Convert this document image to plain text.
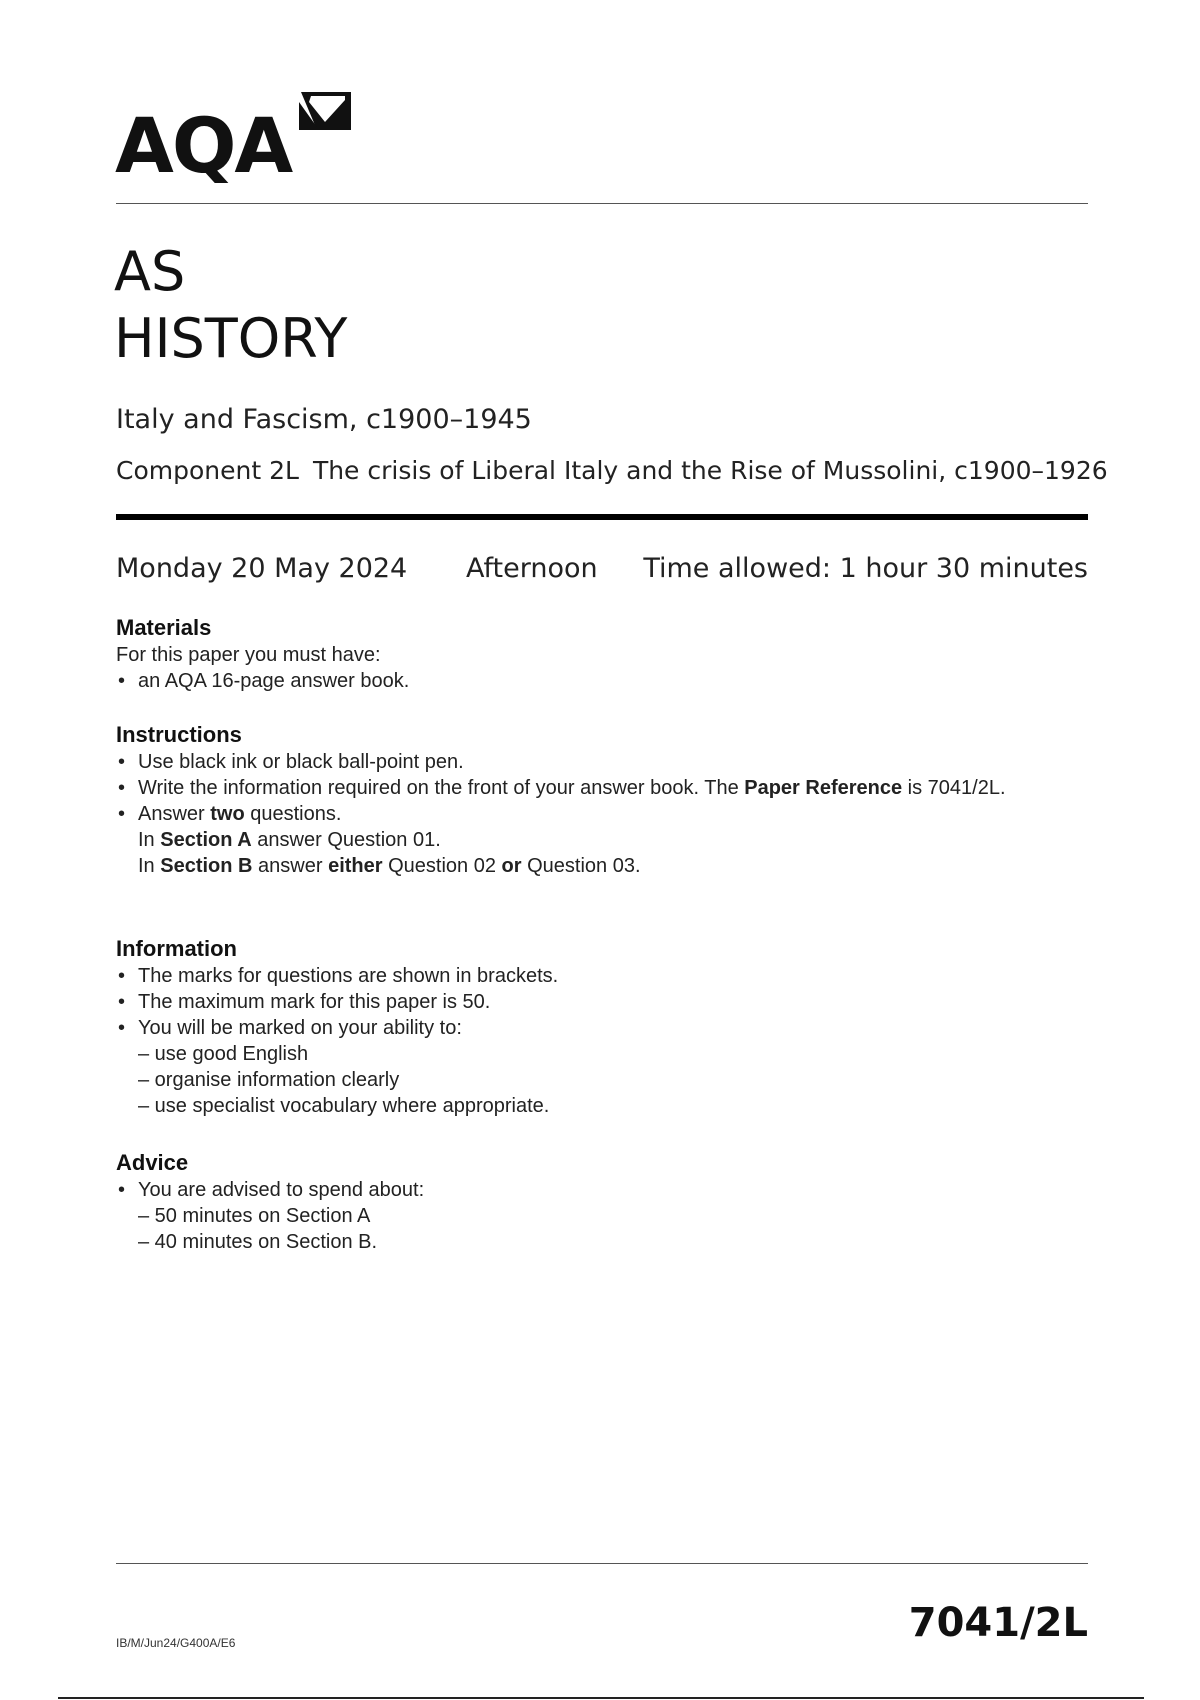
AQA
AS
HISTORY
Italy and Fascism, c1900–1945
Component 2L The crisis of Liberal Italy and the Rise of Mussolini, c1900–1926
Monday 20 May 2024 Afternoon Time allowed: 1 hour 30 minutes
Materials
For this paper you must have:
• an AQA 16-page answer book.
Instructions
• Use black ink or black ball-point pen.
• Write the information required on the front of your answer book. The Paper Reference is 7041/2L.
• Answer two questions.
In Section A answer Question 01.
In Section B answer either Question 02 or Question 03.
Information
• The marks for questions are shown in brackets.
• The maximum mark for this paper is 50.
• You will be marked on your ability to:
– use good English
– organise information clearly
– use specialist vocabulary where appropriate.
Advice
• You are advised to spend about:
– 50 minutes on Section A
– 40 minutes on Section B.
IB/M/Jun24/G400A/E6	7041/2L
